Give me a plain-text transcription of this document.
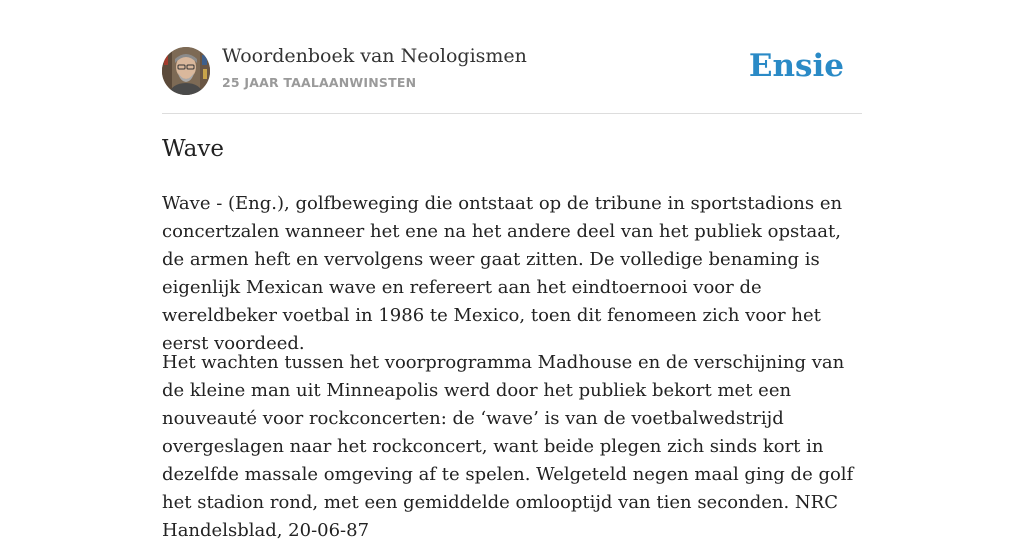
Woordenboek van Neologismen
25 JAAR TAALAANWINSTEN	Ensie
Wave

Wave - (Eng.), golfbeweging die ontstaat op de tribune in sportstadions en concertzalen wanneer het ene na het andere deel van het publiek opstaat, de armen heft en vervolgens weer gaat zitten. De volledige benaming is eigenlijk Mexican wave en refereert aan het eindtoernooi voor de wereldbeker voetbal in 1986 te Mexico, toen dit fenomeen zich voor het eerst voordeed.

Het wachten tussen het voorprogramma Madhouse en de verschijning van de kleine man uit Minneapolis werd door het publiek bekort met een nouveauté voor rockconcerten: de ‘wave’ is van de voetbalwedstrijd overgeslagen naar het rockconcert, want beide plegen zich sinds kort in dezelfde massale omgeving af te spelen. Welgeteld negen maal ging de golf het stadion rond, met een gemiddelde omlooptijd van tien seconden. NRC Handelsblad, 20-06-87
